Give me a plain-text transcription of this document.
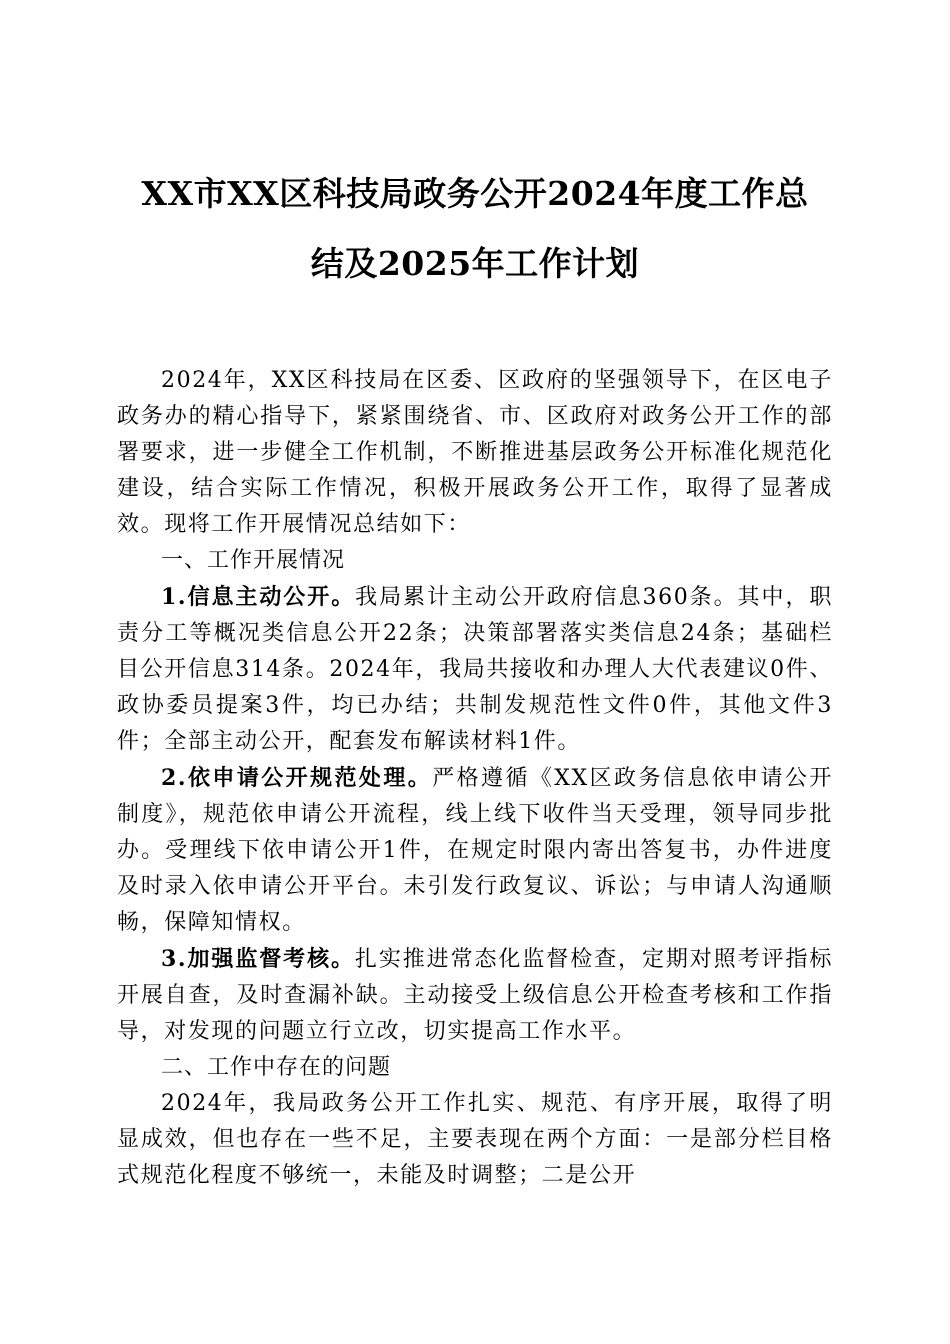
XX市XX区科技局政务公开2024年度工作总
结及2025年工作计划

2024年，XX区科技局在区委、区政府的坚强领导下，在区电子政务办的精心指导下，紧紧围绕省、市、区政府对政务公开工作的部署要求，进一步健全工作机制，不断推进基层政务公开标准化规范化建设，结合实际工作情况，积极开展政务公开工作，取得了显著成效。现将工作开展情况总结如下：

一、工作开展情况

1.信息主动公开。我局累计主动公开政府信息360条。其中，职责分工等概况类信息公开22条；决策部署落实类信息24条；基础栏目公开信息314条。2024年，我局共接收和办理人大代表建议0件、政协委员提案3件，均已办结；共制发规范性文件0件，其他文件3件；全部主动公开，配套发布解读材料1件。

2.依申请公开规范处理。严格遵循《XX区政务信息依申请公开制度》，规范依申请公开流程，线上线下收件当天受理，领导同步批办。受理线下依申请公开1件，在规定时限内寄出答复书，办件进度及时录入依申请公开平台。未引发行政复议、诉讼；与申请人沟通顺畅，保障知情权。

3.加强监督考核。扎实推进常态化监督检查，定期对照考评指标开展自查，及时查漏补缺。主动接受上级信息公开检查考核和工作指导，对发现的问题立行立改，切实提高工作水平。

二、工作中存在的问题

2024年，我局政务公开工作扎实、规范、有序开展，取得了明显成效，但也存在一些不足，主要表现在两个方面：一是部分栏目格式规范化程度不够统一，未能及时调整；二是公开
